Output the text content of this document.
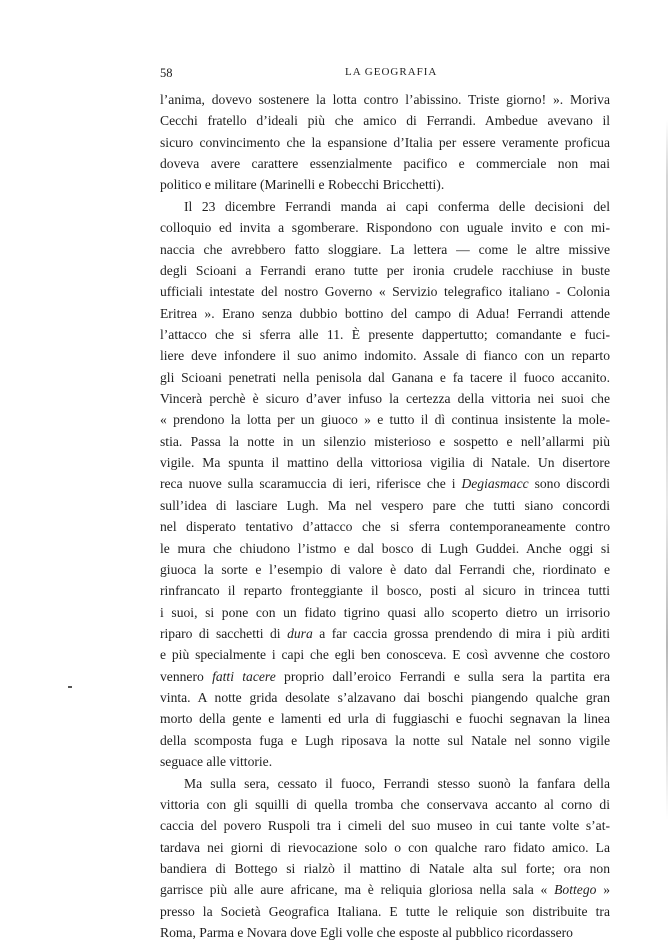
58	LA GEOGRAFIA
l’anima, dovevo sostenere la lotta contro l’abissino. Triste giorno! ». Moriva
Cecchi fratello d’ideali più che amico di Ferrandi. Ambedue avevano il
sicuro convincimento che la espansione d’Italia per essere veramente proficua
doveva avere carattere essenzialmente pacifico e commerciale non mai
politico e militare (Marinelli e Robecchi Bricchetti).
Il 23 dicembre Ferrandi manda ai capi conferma delle decisioni del
colloquio ed invita a sgomberare. Rispondono con uguale invito e con mi-
naccia che avrebbero fatto sloggiare. La lettera — come le altre missive
degli Scioani a Ferrandi erano tutte per ironia crudele racchiuse in buste
ufficiali intestate del nostro Governo « Servizio telegrafico italiano - Colonia
Eritrea ». Erano senza dubbio bottino del campo di Adua! Ferrandi attende
l’attacco che si sferra alle 11. È presente dappertutto; comandante e fuci-
liere deve infondere il suo animo indomito. Assale di fianco con un reparto
gli Scioani penetrati nella penisola dal Ganana e fa tacere il fuoco accanito.
Vincerà perchè è sicuro d’aver infuso la certezza della vittoria nei suoi che
« prendono la lotta per un giuoco » e tutto il dì continua insistente la mole-
stia. Passa la notte in un silenzio misterioso e sospetto e nell’allarmi più
vigile. Ma spunta il mattino della vittoriosa vigilia di Natale. Un disertore
reca nuove sulla scaramuccia di ieri, riferisce che i Degiasmacc sono discordi
sull’idea di lasciare Lugh. Ma nel vespero pare che tutti siano concordi
nel disperato tentativo d’attacco che si sferra contemporaneamente contro
le mura che chiudono l’istmo e dal bosco di Lugh Guddei. Anche oggi si
giuoca la sorte e l’esempio di valore è dato dal Ferrandi che, riordinato e
rinfrancato il reparto fronteggiante il bosco, posti al sicuro in trincea tutti
i suoi, si pone con un fidato tigrino quasi allo scoperto dietro un irrisorio
riparo di sacchetti di dura a far caccia grossa prendendo di mira i più arditi
e più specialmente i capi che egli ben conosceva. E così avvenne che costoro
vennero fatti tacere proprio dall’eroico Ferrandi e sulla sera la partita era
vinta. A notte grida desolate s’alzavano dai boschi piangendo qualche gran
morto della gente e lamenti ed urla di fuggiaschi e fuochi segnavan la linea
della scomposta fuga e Lugh riposava la notte sul Natale nel sonno vigile
seguace alle vittorie.
Ma sulla sera, cessato il fuoco, Ferrandi stesso suonò la fanfara della
vittoria con gli squilli di quella tromba che conservava accanto al corno di
caccia del povero Ruspoli tra i cimeli del suo museo in cui tante volte s’at-
tardava nei giorni di rievocazione solo o con qualche raro fidato amico. La
bandiera di Bottego si rialzò il mattino di Natale alta sul forte; ora non
garrisce più alle aure africane, ma è reliquia gloriosa nella sala « Bottego »
presso la Società Geografica Italiana. E tutte le reliquie son distribuite tra
Roma, Parma e Novara dove Egli volle che esposte al pubblico ricordassero
